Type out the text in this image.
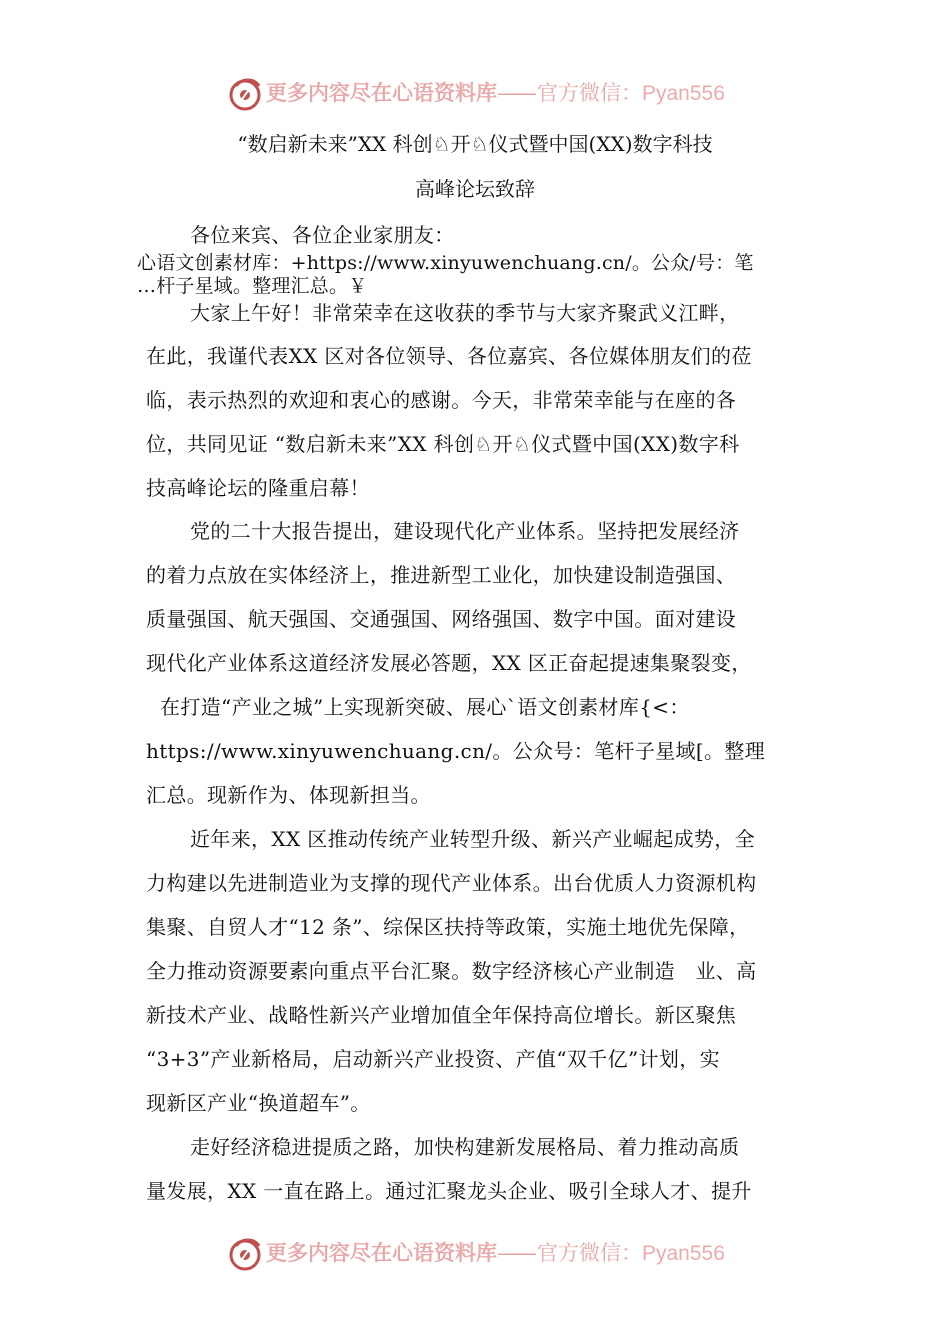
更多内容尽在心语资料库——官方微信：Pyan556
“数启新未来”XX 科创♘开♘仪式暨中国(XX)数字科技
高峰论坛致辞
各位来宾、各位企业家朋友：
心语文创素材库：+https://www.xinyuwenchuang.cn/。公众/号：笔
…杆子星域。整理汇总。￥
大家上午好！非常荣幸在这收获的季节与大家齐聚武义江畔，
在此，我谨代表XX 区对各位领导、各位嘉宾、各位媒体朋友们的莅
临，表示热烈的欢迎和衷心的感谢。今天，非常荣幸能与在座的各
位，共同见证 “数启新未来”XX 科创♘开♘仪式暨中国(XX)数字科
技高峰论坛的隆重启幕！
党的二十大报告提出，建设现代化产业体系。坚持把发展经济
的着力点放在实体经济上，推进新型工业化，加快建设制造强国、
质量强国、航天强国、交通强国、网络强国、数字中国。面对建设
现代化产业体系这道经济发展必答题，XX 区正奋起提速集聚裂变，
在打造“产业之城”上实现新突破、展心`语文创素材库{<：
https://www.xinyuwenchuang.cn/。公众号：笔杆子星域[。整理
汇总。现新作为、体现新担当。
近年来，XX 区推动传统产业转型升级、新兴产业崛起成势，全
力构建以先进制造业为支撑的现代产业体系。出台优质人力资源机构
集聚、自贸人才“12 条”、综保区扶持等政策，实施土地优先保障，
全力推动资源要素向重点平台汇聚。数字经济核心产业制造　业、高
新技术产业、战略性新兴产业增加值全年保持高位增长。新区聚焦
“3+3”产业新格局，启动新兴产业投资、产值“双千亿”计划，实
现新区产业“换道超车”。
走好经济稳进提质之路，加快构建新发展格局、着力推动高质
量发展，XX 一直在路上。通过汇聚龙头企业、吸引全球人才、提升
更多内容尽在心语资料库——官方微信：Pyan556
